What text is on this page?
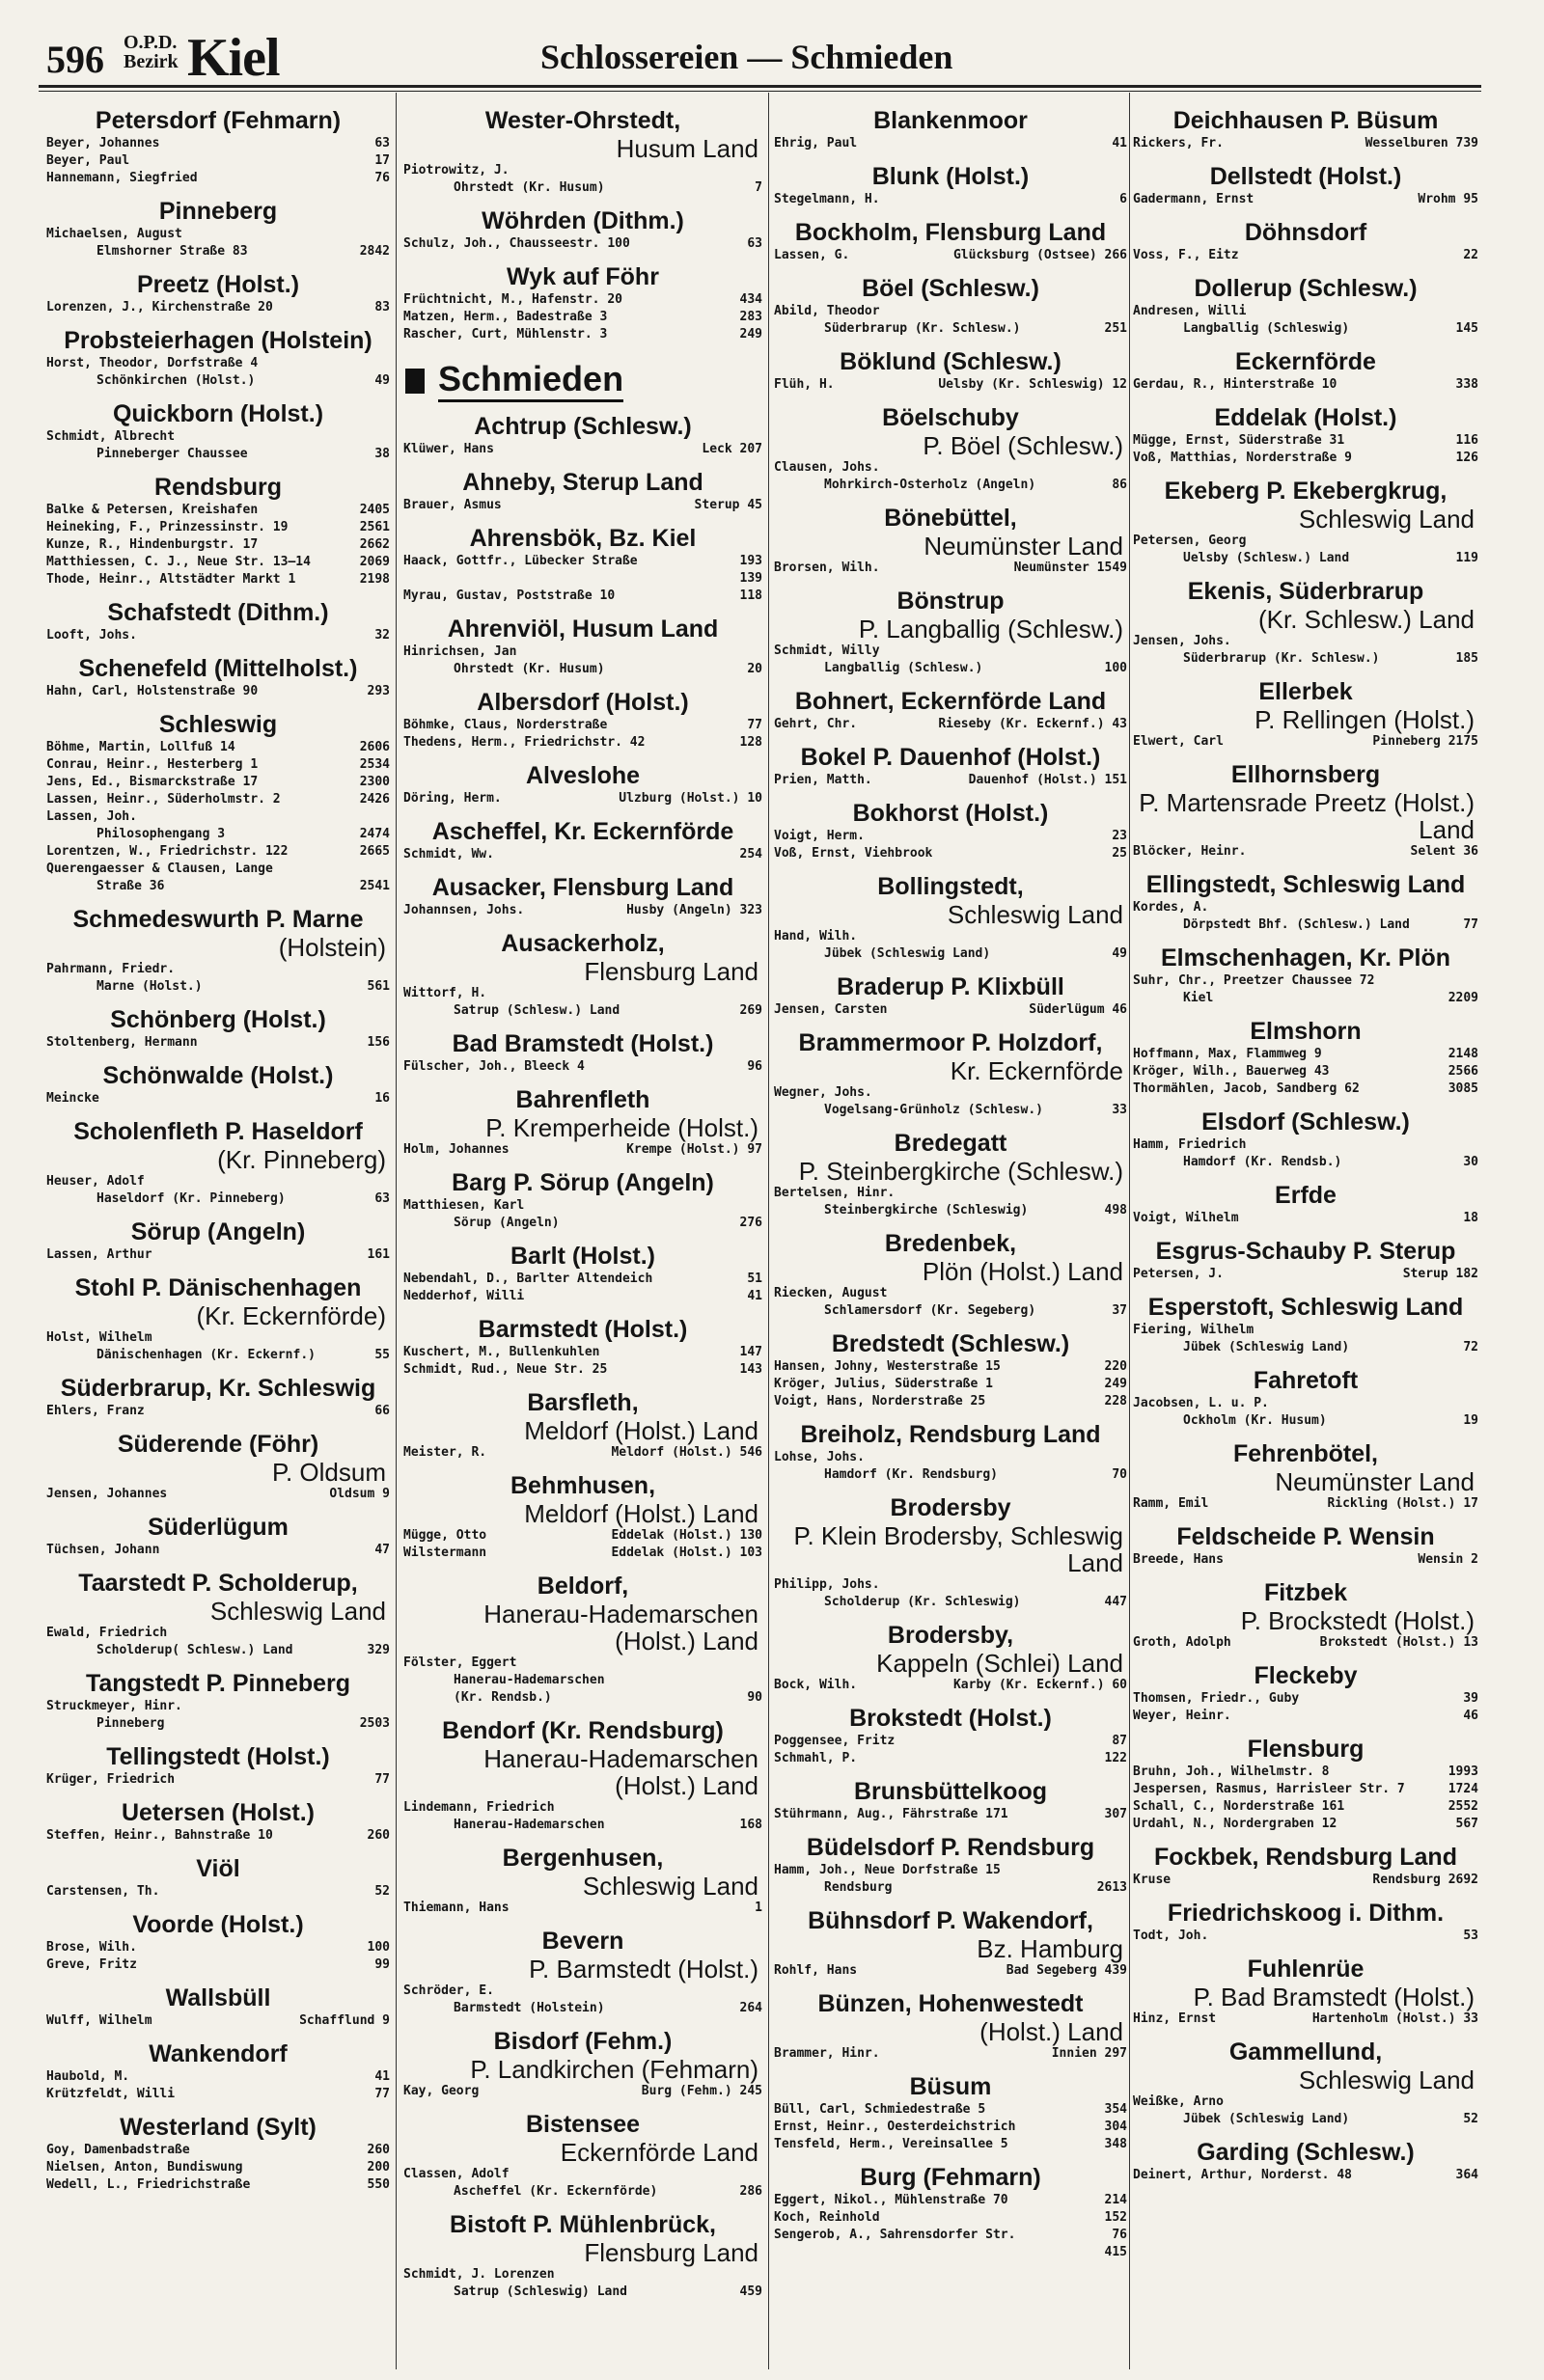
596 O.P.D.
Bezirk Kiel	Schlossereien — Schmieden
Petersdorf (Fehmarn)
Beyer, Johannes	63
Beyer, Paul	17
Hannemann, Siegfried	76
Pinneberg
Michaelsen, August
Elmshorner Straße 83	2842
Preetz (Holst.)
Lorenzen, J., Kirchenstraße 20	83
Probsteierhagen (Holstein)
Horst, Theodor, Dorfstraße 4
Schönkirchen (Holst.)	49
Quickborn (Holst.)
Schmidt, Albrecht
Pinneberger Chaussee	38
Rendsburg
Balke & Petersen, Kreishafen	2405
Heineking, F., Prinzessinstr. 19	2561
Kunze, R., Hindenburgstr. 17	2662
Matthiessen, C. J., Neue Str. 13—14	2069
Thode, Heinr., Altstädter Markt 1	2198
Schafstedt (Dithm.)
Looft, Johs.	32
Schenefeld (Mittelholst.)
Hahn, Carl, Holstenstraße 90	293
Schleswig
Böhme, Martin, Lollfuß 14	2606
Conrau, Heinr., Hesterberg 1	2534
Jens, Ed., Bismarckstraße 17	2300
Lassen, Heinr., Süderholmstr. 2	2426
Lassen, Joh.
Philosophengang 3	2474
Lorentzen, W., Friedrichstr. 122	2665
Querengaesser & Clausen, Lange
Straße 36	2541
Schmedeswurth P. Marne
(Holstein)
Pahrmann, Friedr.
Marne (Holst.)	561
Schönberg (Holst.)
Stoltenberg, Hermann	156
Schönwalde (Holst.)
Meincke	16
Scholenfleth P. Haseldorf
(Kr. Pinneberg)
Heuser, Adolf
Haseldorf (Kr. Pinneberg)	63
Sörup (Angeln)
Lassen, Arthur	161
Stohl P. Dänischenhagen
(Kr. Eckernförde)
Holst, Wilhelm
Dänischenhagen (Kr. Eckernf.)	55
Süderbrarup, Kr. Schleswig
Ehlers, Franz	66
Süderende (Föhr)
P. Oldsum
Jensen, Johannes	Oldsum 9
Süderlügum
Tüchsen, Johann	47
Taarstedt P. Scholderup,
Schleswig Land
Ewald, Friedrich
Scholderup( Schlesw.) Land	329
Tangstedt P. Pinneberg
Struckmeyer, Hinr.
Pinneberg	2503
Tellingstedt (Holst.)
Krüger, Friedrich	77
Uetersen (Holst.)
Steffen, Heinr., Bahnstraße 10	260
Viöl
Carstensen, Th.	52
Voorde (Holst.)
Brose, Wilh.	100
Greve, Fritz	99
Wallsbüll
Wulff, Wilhelm	Schafflund 9
Wankendorf
Haubold, M.	41
Krützfeldt, Willi	77
Westerland (Sylt)
Goy, Damenbadstraße	260
Nielsen, Anton, Bundiswung	200
Wedell, L., Friedrichstraße	550
Wester-Ohrstedt,
Husum Land
Piotrowitz, J.
Ohrstedt (Kr. Husum)	7
Wöhrden (Dithm.)
Schulz, Joh., Chausseestr. 100	63
Wyk auf Föhr
Früchtnicht, M., Hafenstr. 20	434
Matzen, Herm., Badestraße 3	283
Rascher, Curt, Mühlenstr. 3	249
Schmieden
Achtrup (Schlesw.)
Klüwer, Hans	Leck 207
Ahneby, Sterup Land
Brauer, Asmus	Sterup 45
Ahrensbök, Bz. Kiel
Haack, Gottfr., Lübecker Straße	193
139
Myrau, Gustav, Poststraße 10	118
Ahrenviöl, Husum Land
Hinrichsen, Jan
Ohrstedt (Kr. Husum)	20
Albersdorf (Holst.)
Böhmke, Claus, Norderstraße	77
Thedens, Herm., Friedrichstr. 42	128
Alveslohe
Döring, Herm.	Ulzburg (Holst.) 10
Ascheffel, Kr. Eckernförde
Schmidt, Ww.	254
Ausacker, Flensburg Land
Johannsen, Johs.	Husby (Angeln) 323
Ausackerholz,
Flensburg Land
Wittorf, H.
Satrup (Schlesw.) Land	269
Bad Bramstedt (Holst.)
Fülscher, Joh., Bleeck 4	96
Bahrenfleth
P. Kremperheide (Holst.)
Holm, Johannes	Krempe (Holst.) 97
Barg P. Sörup (Angeln)
Matthiesen, Karl
Sörup (Angeln)	276
Barlt (Holst.)
Nebendahl, D., Barlter Altendeich	51
Nedderhof, Willi	41
Barmstedt (Holst.)
Kuschert, M., Bullenkuhlen	147
Schmidt, Rud., Neue Str. 25	143
Barsfleth,
Meldorf (Holst.) Land
Meister, R.	Meldorf (Holst.) 546
Behmhusen,
Meldorf (Holst.) Land
Mügge, Otto	Eddelak (Holst.) 130
Wilstermann	Eddelak (Holst.) 103
Beldorf,
Hanerau-Hademarschen (Holst.) Land
Fölster, Eggert
Hanerau-Hademarschen
(Kr. Rendsb.)	90
Bendorf (Kr. Rendsburg)
Hanerau-Hademarschen (Holst.) Land
Lindemann, Friedrich
Hanerau-Hademarschen	168
Bergenhusen,
Schleswig Land
Thiemann, Hans	1
Bevern
P. Barmstedt (Holst.)
Schröder, E.
Barmstedt (Holstein)	264
Bisdorf (Fehm.)
P. Landkirchen (Fehmarn)
Kay, Georg	Burg (Fehm.) 245
Bistensee
Eckernförde Land
Classen, Adolf
Ascheffel (Kr. Eckernförde)	286
Bistoft P. Mühlenbrück,
Flensburg Land
Schmidt, J. Lorenzen
Satrup (Schleswig) Land	459
Blankenmoor
Ehrig, Paul	41
Blunk (Holst.)
Stegelmann, H.	6
Bockholm, Flensburg Land
Lassen, G.	Glücksburg (Ostsee) 266
Böel (Schlesw.)
Abild, Theodor
Süderbrarup (Kr. Schlesw.)	251
Böklund (Schlesw.)
Flüh, H.	Uelsby (Kr. Schleswig) 12
Böelschuby
P. Böel (Schlesw.)
Clausen, Johs.
Mohrkirch-Osterholz (Angeln)	86
Bönebüttel,
Neumünster Land
Brorsen, Wilh.	Neumünster 1549
Bönstrup
P. Langballig (Schlesw.)
Schmidt, Willy
Langballig (Schlesw.)	100
Bohnert, Eckernförde Land
Gehrt, Chr.	Rieseby (Kr. Eckernf.) 43
Bokel P. Dauenhof (Holst.)
Prien, Matth.	Dauenhof (Holst.) 151
Bokhorst (Holst.)
Voigt, Herm.	23
Voß, Ernst, Viehbrook	25
Bollingstedt,
Schleswig Land
Hand, Wilh.
Jübek (Schleswig Land)	49
Braderup P. Klixbüll
Jensen, Carsten	Süderlügum 46
Brammermoor P. Holzdorf,
Kr. Eckernförde
Wegner, Johs.
Vogelsang-Grünholz (Schlesw.)	33
Bredegatt
P. Steinbergkirche (Schlesw.)
Bertelsen, Hinr.
Steinbergkirche (Schleswig)	498
Bredenbek,
Plön (Holst.) Land
Riecken, August
Schlamersdorf (Kr. Segeberg)	37
Bredstedt (Schlesw.)
Hansen, Johny, Westerstraße 15	220
Kröger, Julius, Süderstraße 1	249
Voigt, Hans, Norderstraße 25	228
Breiholz, Rendsburg Land
Lohse, Johs.
Hamdorf (Kr. Rendsburg)	70
Brodersby
P. Klein Brodersby, Schleswig Land
Philipp, Johs.
Scholderup (Kr. Schleswig)	447
Brodersby,
Kappeln (Schlei) Land
Bock, Wilh.	Karby (Kr. Eckernf.) 60
Brokstedt (Holst.)
Poggensee, Fritz	87
Schmahl, P.	122
Brunsbüttelkoog
Stührmann, Aug., Fährstraße 171	307
Büdelsdorf P. Rendsburg
Hamm, Joh., Neue Dorfstraße 15
Rendsburg	2613
Bühnsdorf P. Wakendorf,
Bz. Hamburg
Rohlf, Hans	Bad Segeberg 439
Bünzen, Hohenwestedt
(Holst.) Land
Brammer, Hinr.	Innien 297
Büsum
Büll, Carl, Schmiedestraße 5	354
Ernst, Heinr., Oesterdeichstrich	304
Tensfeld, Herm., Vereinsallee 5	348
Burg (Fehmarn)
Eggert, Nikol., Mühlenstraße 70	214
Koch, Reinhold	152
Sengerob, A., Sahrensdorfer Str.	76
415
Deichhausen P. Büsum
Rickers, Fr.	Wesselburen 739
Dellstedt (Holst.)
Gadermann, Ernst	Wrohm 95
Döhnsdorf
Voss, F., Eitz	22
Dollerup (Schlesw.)
Andresen, Willi
Langballig (Schleswig)	145
Eckernförde
Gerdau, R., Hinterstraße 10	338
Eddelak (Holst.)
Mügge, Ernst, Süderstraße 31	116
Voß, Matthias, Norderstraße 9	126
Ekeberg P. Ekebergkrug,
Schleswig Land
Petersen, Georg
Uelsby (Schlesw.) Land	119
Ekenis, Süderbrarup
(Kr. Schlesw.) Land
Jensen, Johs.
Süderbrarup (Kr. Schlesw.)	185
Ellerbek
P. Rellingen (Holst.)
Elwert, Carl	Pinneberg 2175
Ellhornsberg
P. Martensrade Preetz (Holst.) Land
Blöcker, Heinr.	Selent 36
Ellingstedt, Schleswig Land
Kordes, A.
Dörpstedt Bhf. (Schlesw.) Land	77
Elmschenhagen, Kr. Plön
Suhr, Chr., Preetzer Chaussee 72
Kiel	2209
Elmshorn
Hoffmann, Max, Flammweg 9	2148
Kröger, Wilh., Bauerweg 43	2566
Thormählen, Jacob, Sandberg 62	3085
Elsdorf (Schlesw.)
Hamm, Friedrich
Hamdorf (Kr. Rendsb.)	30
Erfde
Voigt, Wilhelm	18
Esgrus-Schauby P. Sterup
Petersen, J.	Sterup 182
Esperstoft, Schleswig Land
Fiering, Wilhelm
Jübek (Schleswig Land)	72
Fahretoft
Jacobsen, L. u. P.
Ockholm (Kr. Husum)	19
Fehrenbötel,
Neumünster Land
Ramm, Emil	Rickling (Holst.) 17
Feldscheide P. Wensin
Breede, Hans	Wensin 2
Fitzbek
P. Brockstedt (Holst.)
Groth, Adolph	Brokstedt (Holst.) 13
Fleckeby
Thomsen, Friedr., Guby	39
Weyer, Heinr.	46
Flensburg
Bruhn, Joh., Wilhelmstr. 8	1993
Jespersen, Rasmus, Harrisleer Str. 7	1724
Schall, C., Norderstraße 161	2552
Urdahl, N., Nordergraben 12	567
Fockbek, Rendsburg Land
Kruse	Rendsburg 2692
Friedrichskoog i. Dithm.
Todt, Joh.	53
Fuhlenrüe
P. Bad Bramstedt (Holst.)
Hinz, Ernst	Hartenholm (Holst.) 33
Gammellund,
Schleswig Land
Weißke, Arno
Jübek (Schleswig Land)	52
Garding (Schlesw.)
Deinert, Arthur, Norderst. 48	364
